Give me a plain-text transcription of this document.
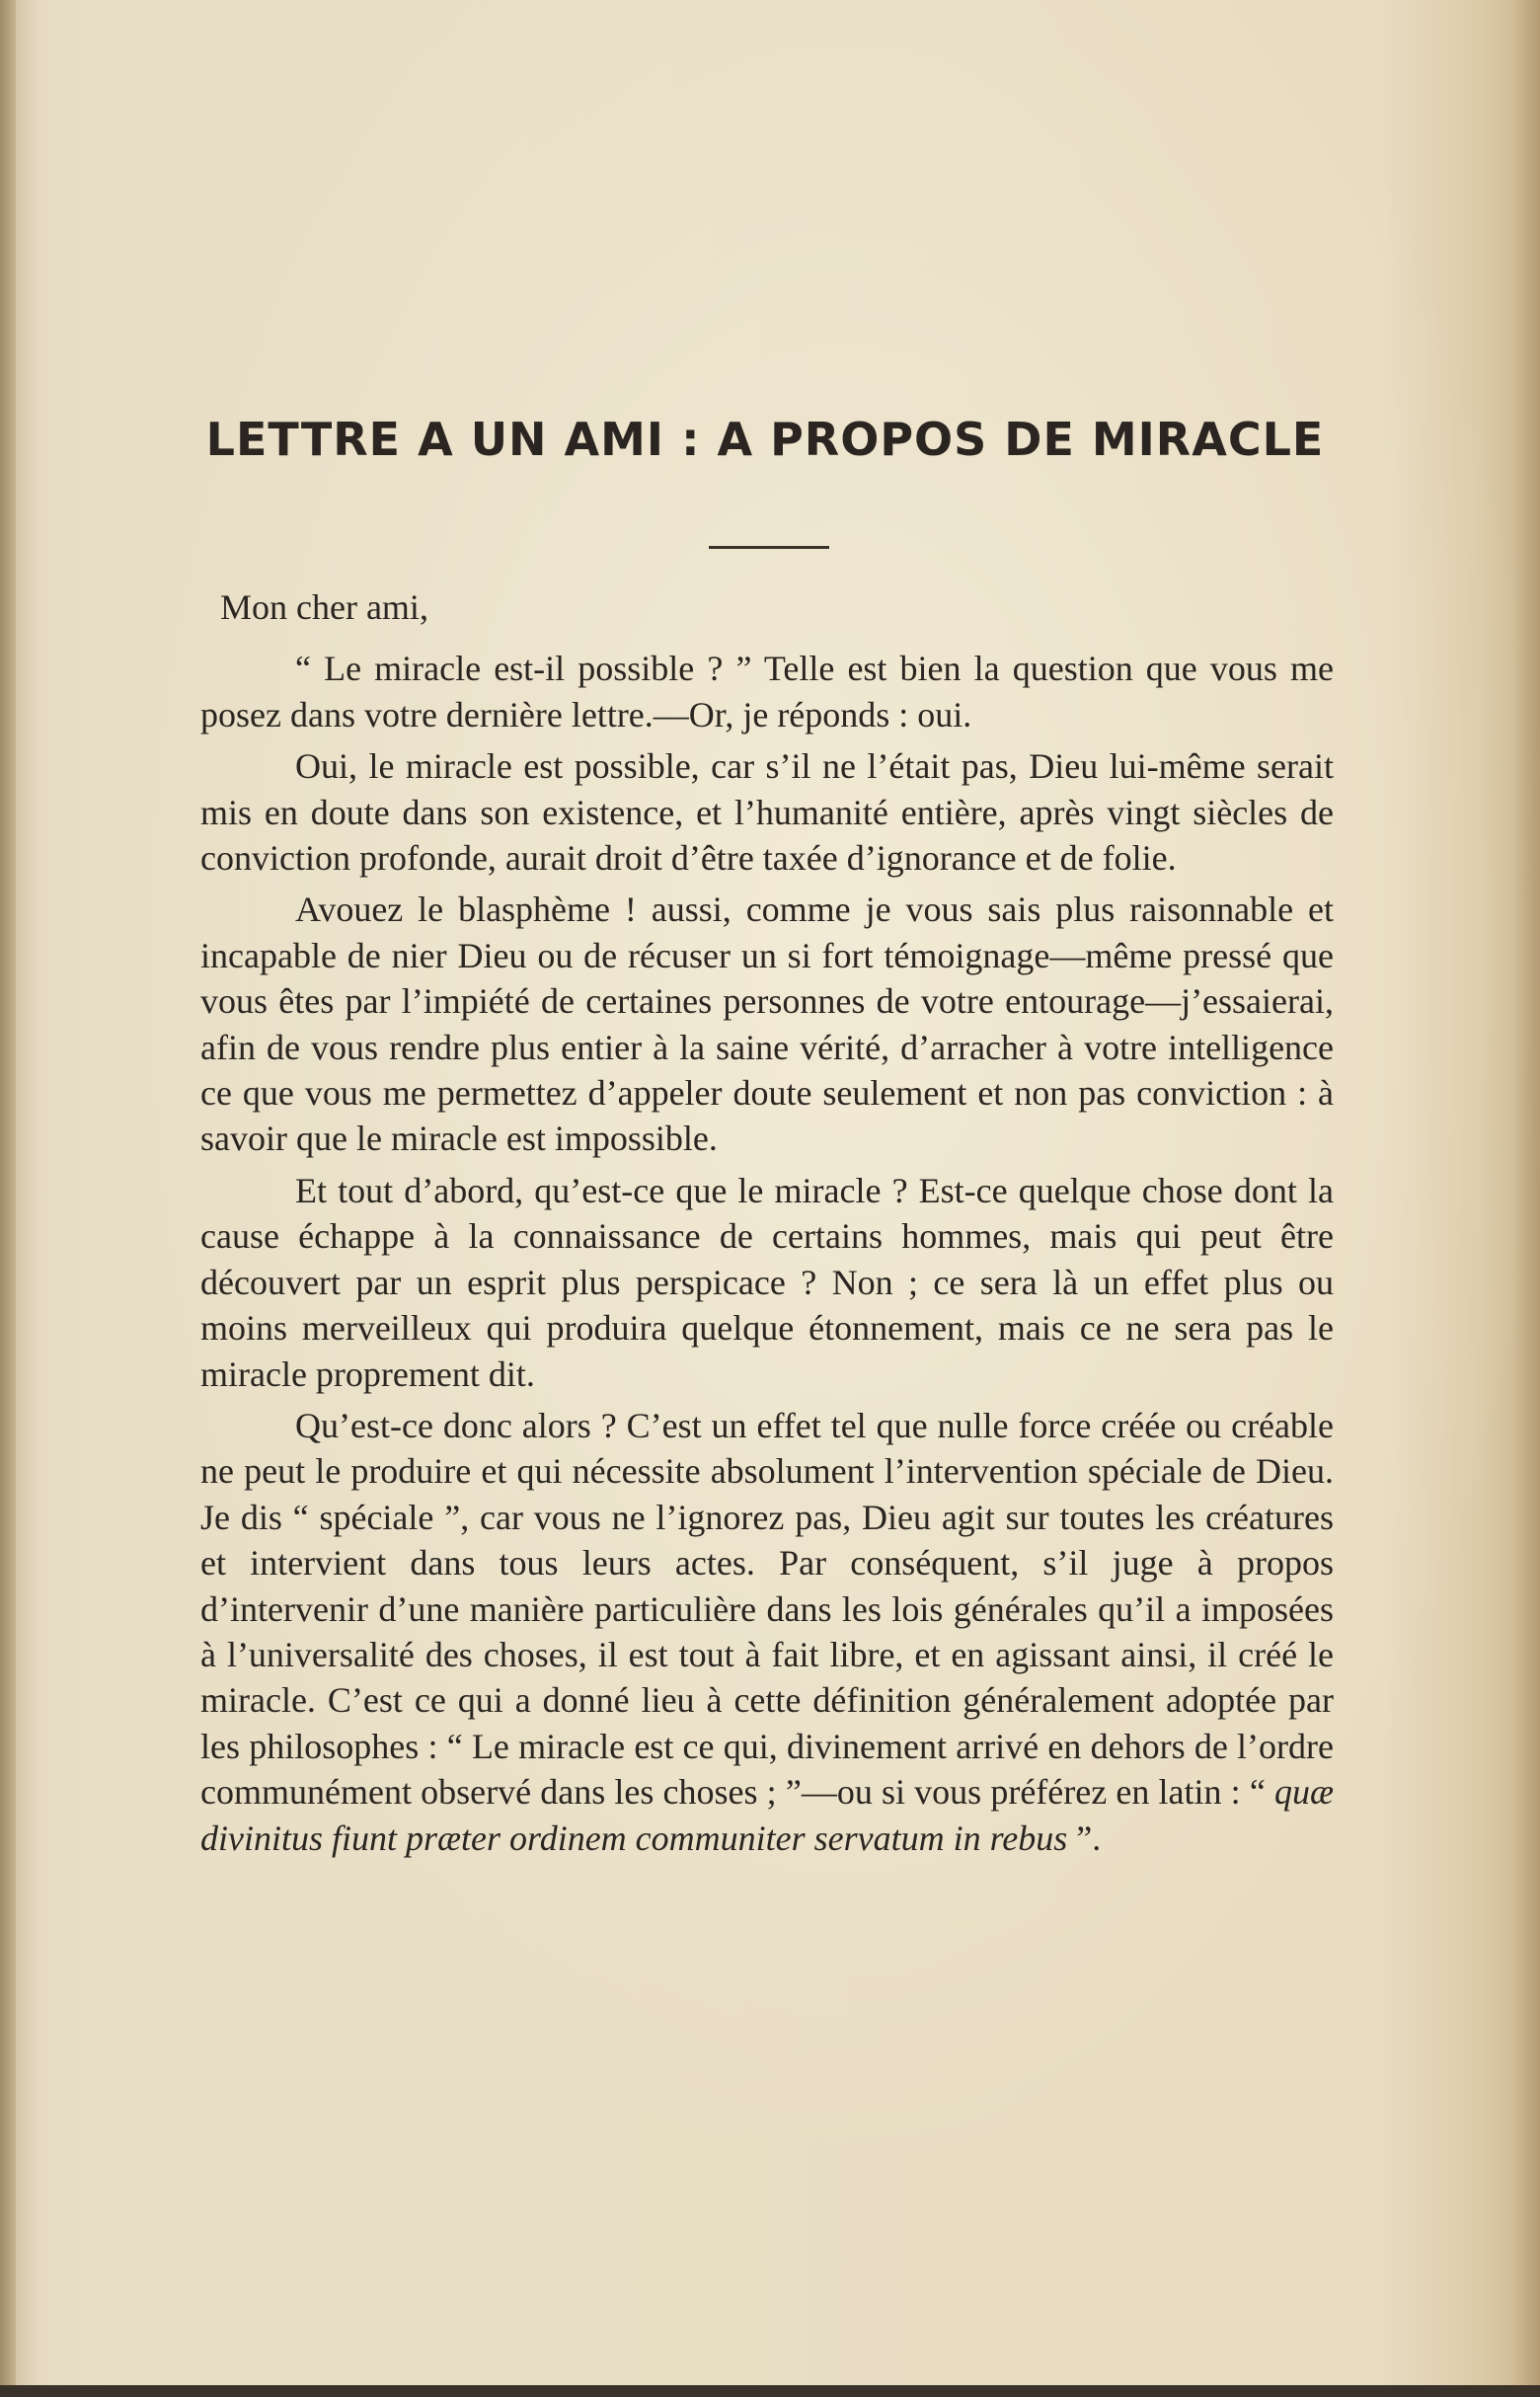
LETTRE A UN AMI : A PROPOS DE MIRACLE

Mon cher ami,

“ Le miracle est-il possible ? ” Telle est bien la question que vous me posez dans votre dernière lettre.—Or, je réponds : oui.

Oui, le miracle est possible, car s’il ne l’était pas, Dieu lui-même serait mis en doute dans son existence, et l’humanité entière, après vingt siècles de conviction profonde, aurait droit d’être taxée d’ignorance et de folie.

Avouez le blasphème ! aussi, comme je vous sais plus raisonnable et incapable de nier Dieu ou de récuser un si fort témoignage—même pressé que vous êtes par l’impiété de certaines personnes de votre entourage—j’essaierai, afin de vous rendre plus entier à la saine vérité, d’arracher à votre intelligence ce que vous me permettez d’appeler doute seulement et non pas conviction : à savoir que le miracle est impossible.

Et tout d’abord, qu’est-ce que le miracle ? Est-ce quelque chose dont la cause échappe à la connaissance de certains hommes, mais qui peut être découvert par un esprit plus perspicace ? Non ; ce sera là un effet plus ou moins merveilleux qui produira quelque étonnement, mais ce ne sera pas le miracle proprement dit.

Qu’est-ce donc alors ? C’est un effet tel que nulle force créée ou créable ne peut le produire et qui nécessite absolument l’intervention spéciale de Dieu. Je dis “ spéciale ”, car vous ne l’ignorez pas, Dieu agit sur toutes les créatures et intervient dans tous leurs actes. Par conséquent, s’il juge à propos d’intervenir d’une manière particulière dans les lois générales qu’il a imposées à l’universalité des choses, il est tout à fait libre, et en agissant ainsi, il créé le miracle. C’est ce qui a donné lieu à cette définition généralement adoptée par les philosophes : “ Le miracle est ce qui, divinement arrivé en dehors de l’ordre communément observé dans les choses ; ”—ou si vous préférez en latin : “ quæ divinitus fiunt præter ordinem communiter servatum in rebus ”.
